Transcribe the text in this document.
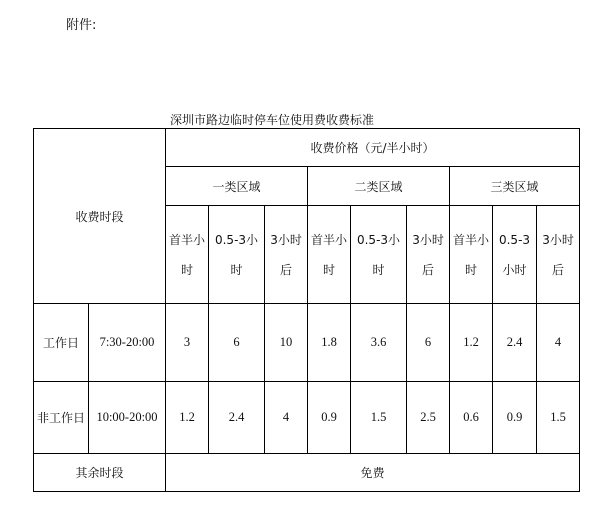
附件:
深圳市路边临时停车位使用费收费标准
收费时段		收费价格（元/半小时）								
		一类区域			二类区域			三类区域		
		首半小时	0.5-3小时	3小时后	首半小时	0.5-3小时	3小时后	首半小时	0.5-3小时	3小时后
工作日	7:30-20:00	3	6	10	1.8	3.6	6	1.2	2.4	4
非工作日	10:00-20:00	1.2	2.4	4	0.9	1.5	2.5	0.6	0.9	1.5
其余时段		免费								
